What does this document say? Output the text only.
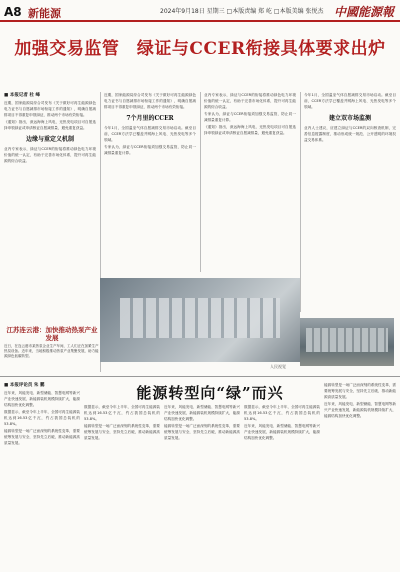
A8 新能源	2024年9月18日 星期三 □本版责编 郑 屹 □本版美编 张悦杰 中國能源報
加强交易监管　绿证与CCER衔接具体要求出炉
■ 本报记者 杜 峰

近期，国家能源局综合司发布《关于做好可再生能源绿色电力证书与自愿减排市场衔接工作的通知》，明确自愿减排项目不得重复申领绿证，推动两个市场有效衔接。

《通知》指出，深远海海上风电、光热发电项目可自愿选择申领绿证或申请核证自愿减排量，避免重复获益。

边缘与重定义机制

业内专家表示，绿证与CCER的衔接将推动绿色电力环境价值的统一认定，有助于完善市场化体系，提升可再生能源的综合收益。

近期，国家能源局综合司发布《关于做好可再生能源绿色电力证书与自愿减排市场衔接工作的通知》，明确自愿减排项目不得重复申领绿证，推动两个市场有效衔接。

7个月里的CCER

今年1月，全国温室气体自愿减排交易市场启动。截至目前，CCER方法学已覆盖并网海上风电、光热发电等多个领域。

专家认为，绿证与CCER衔接须加强交易监管，防止同一减排量重复计算。

业内专家表示，绿证与CCER的衔接将推动绿色电力环境价值的统一认定，有助于完善市场化体系，提升可再生能源的综合收益。

专家认为，绿证与CCER衔接须加强交易监管，防止同一减排量重复计算。

《通知》指出，深远海海上风电、光热发电项目可自愿选择申领绿证或申请核证自愿减排量，避免重复获益。

今年1月，全国温室气体自愿减排交易市场启动。截至目前，CCER方法学已覆盖并网海上风电、光热发电等多个领域。

建立双市场监测

业内人士建议，应建立绿证与CCER的双向核查机制，完善信息披露制度，推动形成统一规范、公开透明的环境权益交易体系。

江苏连云港：加快推动热泵产业发展
近日，在连云港市某热泵企业生产车间，工人们正在加紧生产热泵设备。近年来，当地积极推动热泵产业集聚发展，助力能源绿色低碳转型。
人民视觉
■ 本报评论员 朱 鹏

近年来，风能发电、新型储能、智慧电网等新兴产业快速发展，新能源装机规模持续扩大，能源结构加快优化调整。

数据显示，截至今年上半年，全国可再生能源装机达到16.53亿千瓦，约占我国总装机的53.8%。

能源转型是一场广泛而深刻的系统性变革，需要统筹发展与安全，坚持先立后破，推动新能源高质量发展。

能源转型向“绿”而兴

数据显示，截至今年上半年，全国可再生能源装机达到16.53亿千瓦，约占我国总装机的53.8%。

能源转型是一场广泛而深刻的系统性变革，需要统筹发展与安全，坚持先立后破，推动新能源高质量发展。

近年来，风能发电、新型储能、智慧电网等新兴产业快速发展，新能源装机规模持续扩大，能源结构加快优化调整。

能源转型是一场广泛而深刻的系统性变革，需要统筹发展与安全，坚持先立后破，推动新能源高质量发展。

数据显示，截至今年上半年，全国可再生能源装机达到16.53亿千瓦，约占我国总装机的53.8%。

近年来，风能发电、新型储能、智慧电网等新兴产业快速发展，新能源装机规模持续扩大，能源结构加快优化调整。

能源转型是一场广泛而深刻的系统性变革，需要统筹发展与安全，坚持先立后破，推动新能源高质量发展。

近年来，风能发电、新型储能、智慧电网等新兴产业快速发展，新能源装机规模持续扩大，能源结构加快优化调整。
